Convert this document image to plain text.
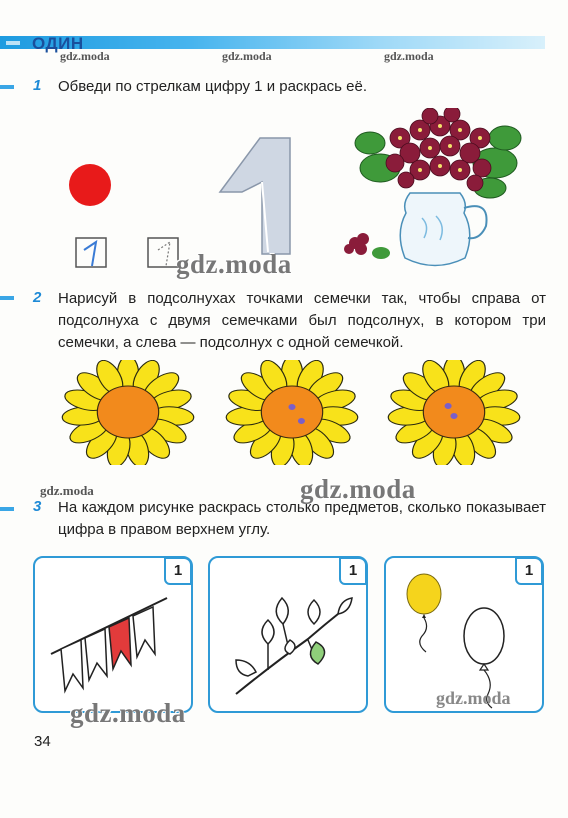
ОДИН
gdz.moda	gdz.moda	gdz.moda
1 Обведи по стрелкам цифру 1 и раскрась её.
gdz.moda
2 Нарисуй в подсолнухах точками семечки так, чтобы справа от подсолнуха с двумя семечками был подсолнух, в котором три семечки, а слева — подсолнух с одной семечкой.
gdz.moda	gdz.moda
3 На каждом рисунке раскрась столько предметов, сколько показывает цифра в правом верхнем углу.
1	1	1
gdz.moda	gdz.moda
34
